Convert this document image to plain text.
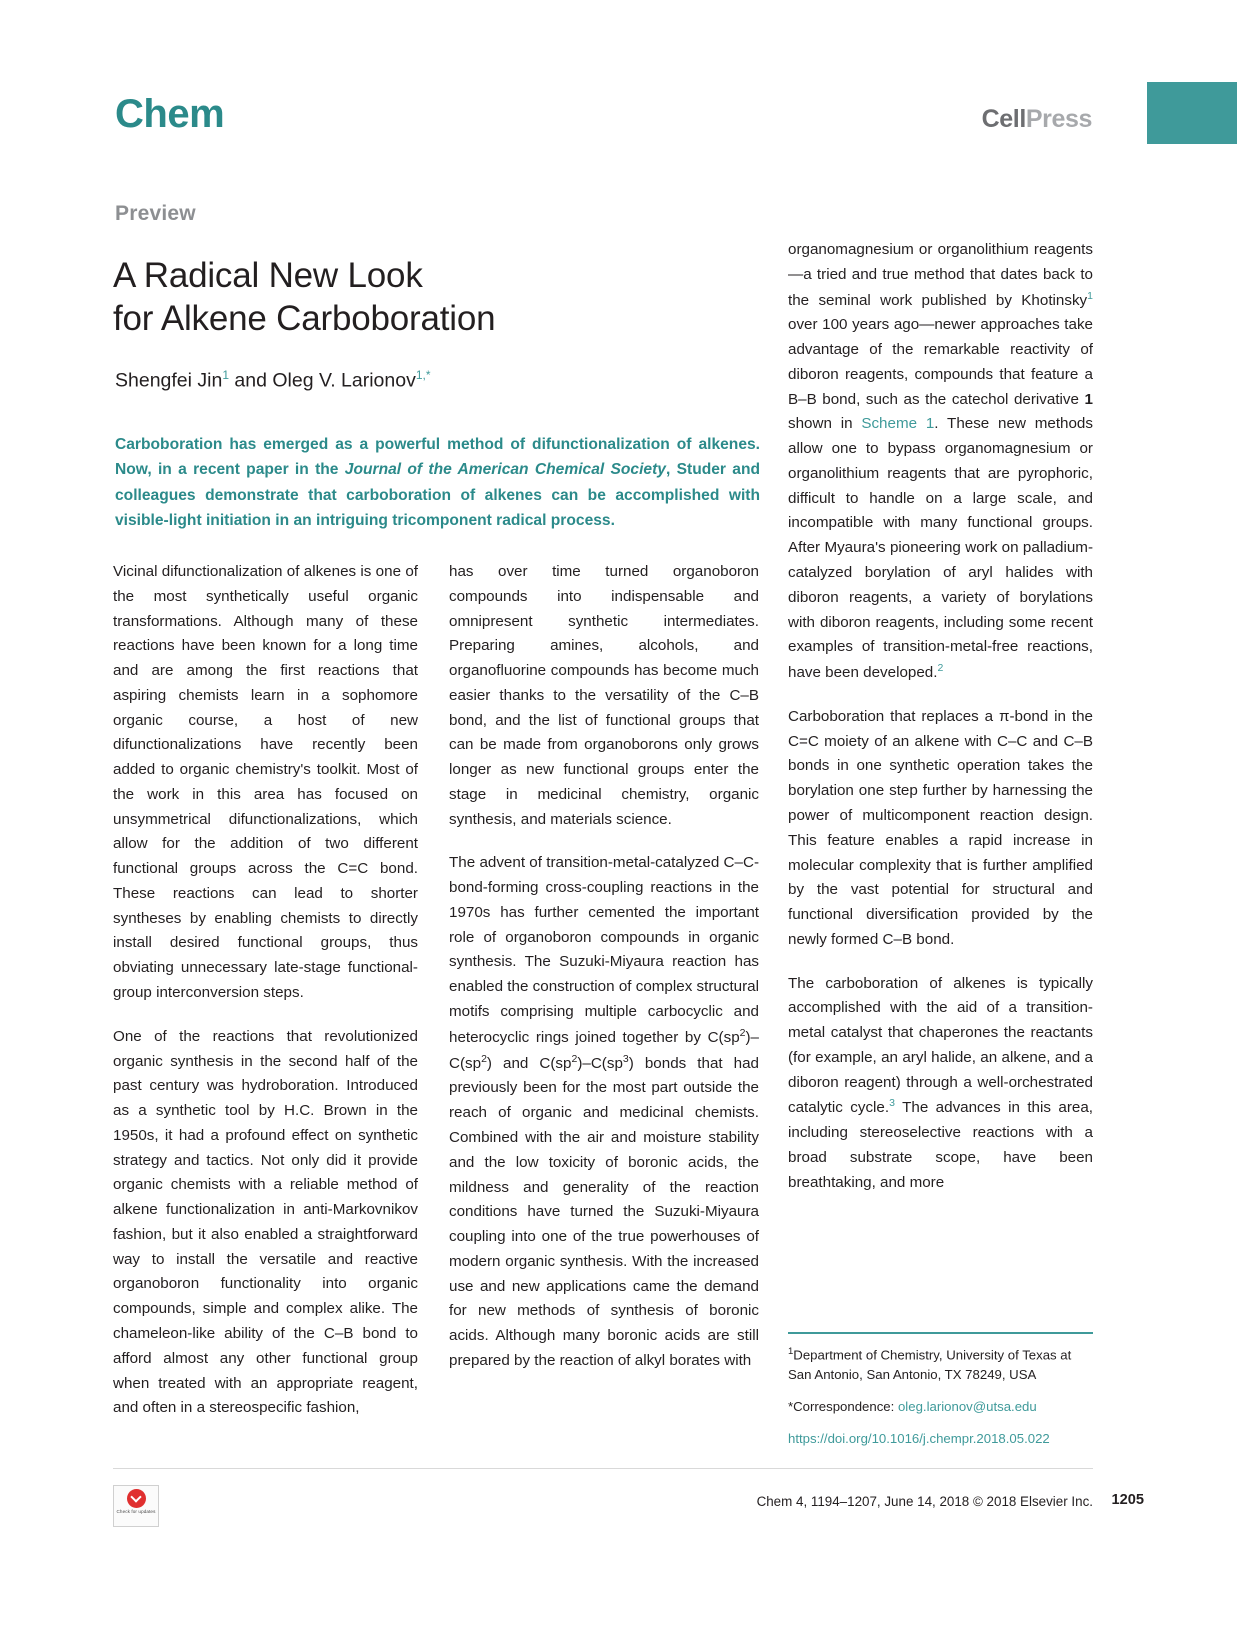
Chem	CellPress
Preview
A Radical New Look
for Alkene Carboboration
Shengfei Jin$^1$ and Oleg V. Larionov$^{1,*}$
Carboboration has emerged as a powerful method of difunctionalization of alkenes. Now, in a recent paper in the Journal of the American Chemical Society, Studer and colleagues demonstrate that carboboration of alkenes can be accomplished with visible-light initiation in an intriguing tricomponent radical process.

Vicinal difunctionalization of alkenes is one of the most synthetically useful organic transformations. Although many of these reactions have been known for a long time and are among the first reactions that aspiring chemists learn in a sophomore organic course, a host of new difunctionalizations have recently been added to organic chemistry's toolkit. Most of the work in this area has focused on unsymmetrical difunctionalizations, which allow for the addition of two different functional groups across the C=C bond. These reactions can lead to shorter syntheses by enabling chemists to directly install desired functional groups, thus obviating unnecessary late-stage functional-group interconversion steps.

One of the reactions that revolutionized organic synthesis in the second half of the past century was hydroboration. Introduced as a synthetic tool by H.C. Brown in the 1950s, it had a profound effect on synthetic strategy and tactics. Not only did it provide organic chemists with a reliable method of alkene functionalization in anti-Markovnikov fashion, but it also enabled a straightforward way to install the versatile and reactive organoboron functionality into organic compounds, simple and complex alike. The chameleon-like ability of the C–B bond to afford almost any other functional group when treated with an appropriate reagent, and often in a stereospecific fashion,

has over time turned organoboron compounds into indispensable and omnipresent synthetic intermediates. Preparing amines, alcohols, and organofluorine compounds has become much easier thanks to the versatility of the C–B bond, and the list of functional groups that can be made from organoborons only grows longer as new functional groups enter the stage in medicinal chemistry, organic synthesis, and materials science.

The advent of transition-metal-catalyzed C–C-bond-forming cross-coupling reactions in the 1970s has further cemented the important role of organoboron compounds in organic synthesis. The Suzuki-Miyaura reaction has enabled the construction of complex structural motifs comprising multiple carbocyclic and heterocyclic rings joined together by $C(sp^2)-C(sp^2)$ and $C(sp^2)-C(sp^3)$ bonds that had previously been for the most part outside the reach of organic and medicinal chemists. Combined with the air and moisture stability and the low toxicity of boronic acids, the mildness and generality of the reaction conditions have turned the Suzuki-Miyaura coupling into one of the true powerhouses of modern organic synthesis. With the increased use and new applications came the demand for new methods of synthesis of boronic acids. Although many boronic acids are still prepared by the reaction of alkyl borates with

organomagnesium or organolithium reagents—a tried and true method that dates back to the seminal work published by Khotinsky$^1$ over 100 years ago—newer approaches take advantage of the remarkable reactivity of diboron reagents, compounds that feature a B–B bond, such as the catechol derivative 1 shown in Scheme 1. These new methods allow one to bypass organomagnesium or organolithium reagents that are pyrophoric, difficult to handle on a large scale, and incompatible with many functional groups. After Myaura's pioneering work on palladium-catalyzed borylation of aryl halides with diboron reagents, a variety of borylations with diboron reagents, including some recent examples of transition-metal-free reactions, have been developed.$^2$

Carboboration that replaces a π-bond in the C=C moiety of an alkene with C–C and C–B bonds in one synthetic operation takes the borylation one step further by harnessing the power of multicomponent reaction design. This feature enables a rapid increase in molecular complexity that is further amplified by the vast potential for structural and functional diversification provided by the newly formed C–B bond.

The carboboration of alkenes is typically accomplished with the aid of a transition-metal catalyst that chaperones the reactants (for example, an aryl halide, an alkene, and a diboron reagent) through a well-orchestrated catalytic cycle.$^3$ The advances in this area, including stereoselective reactions with a broad substrate scope, have been breathtaking, and more

$^1$Department of Chemistry, University of Texas at San Antonio, San Antonio, TX 78249, USA

*Correspondence: oleg.larionov@utsa.edu

https://doi.org/10.1016/j.chempr.2018.05.022

Check for updates
Chem 4, 1194–1207, June 14, 2018 © 2018 Elsevier Inc. 1205
